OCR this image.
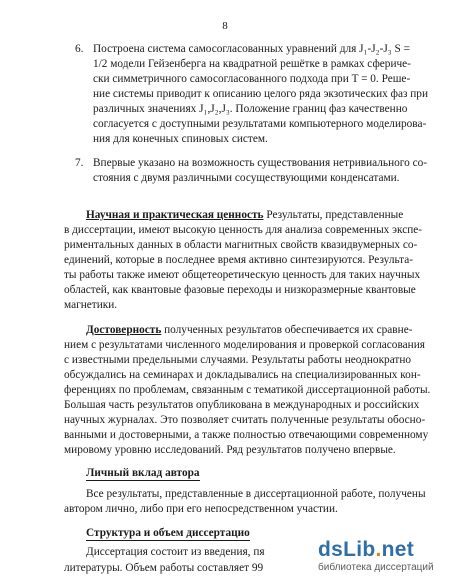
8
6. Построена система самосогласованных уравнений для J₁-J₂-J₃ S =
1/2 модели Гейзенберга на квадратной решётке в рамках сфериче-
ски симметричного самосогласованного подхода при T = 0. Реше-
ние системы приводит к описанию целого ряда экзотических фаз при
различных значениях J₁,J₂,J₃. Положение границ фаз качественно
согласуется с доступными результатами компьютерного моделирова-
ния для конечных спиновых систем.
7. Впервые указано на возможность существования нетривиального со-
стояния с двумя различными сосуществующими конденсатами.
Научная и практическая ценность Результаты, представленные
в диссертации, имеют высокую ценность для анализа современных экспе-
риментальных данных в области магнитных свойств квазидвумерных со-
единений, которые в последнее время активно синтезируются. Результа-
ты работы также имеют общетеоретическую ценность для таких научных
областей, как квантовые фазовые переходы и низкоразмерные квантовые
магнетики.
Достоверность полученных результатов обеспечивается их сравне-
нием с результатами численного моделирования и проверкой согласования
с известными предельными случаями. Результаты работы неоднократно
обсуждались на семинарах и докладывались на специализированных кон-
ференциях по проблемам, связанным с тематикой диссертационной работы.
Большая часть результатов опубликована в международных и российских
научных журналах. Это позволяет считать полученные результаты обосно-
ванными и достоверными, а также полностью отвечающими современному
мировому уровню исследований. Ряд результатов получено впервые.
Личный вклад автора
Все результаты, представленные в диссертационной работе, получены
автором лично, либо при его непосредственном участии.
Структура и объем диссертацио
Диссертация состоит из введения, пя
литературы. Объем работы составляет 99
dsLib.net
библиотека диссертаций
